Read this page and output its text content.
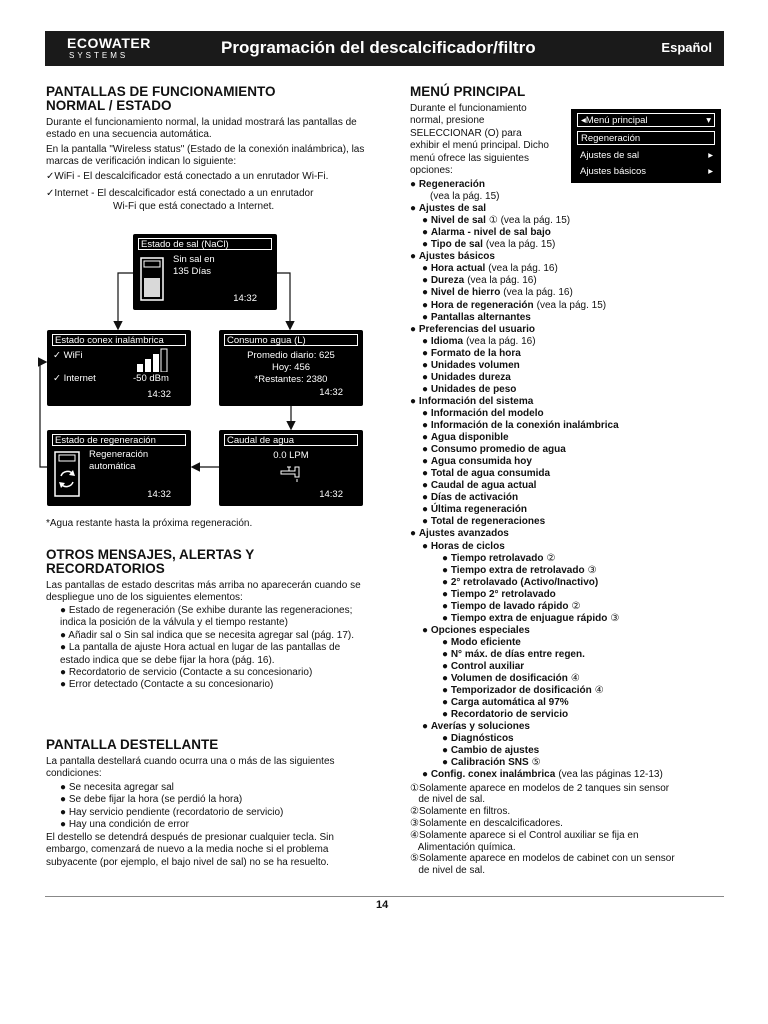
ECOWATER
SYSTEMS	Programación del descalcificador/filtro	Español
PANTALLAS DE FUNCIONAMIENTO
NORMAL / ESTADO
Durante el funcionamiento normal, la unidad mostrará las pantallas de estado en una secuencia automática.
En la pantalla "Wireless status" (Estado de la conexión inalámbrica), las marcas de verificación indican lo siguiente:
✓WiFi - El descalcificador está conectado a un enrutador Wi-Fi.
✓Internet - El descalcificador está conectado a un enrutador
Wi-Fi que está conectado a Internet.
Estado de sal (NaCl)
Sin sal en
135 Días
14:32
Estado conex inalámbrica
✓ WiFi
✓ Internet	-50 dBm
14:32
Consumo agua (L)
Promedio diario: 625
Hoy: 456
*Restantes: 2380
14:32
Estado de regeneración
Regeneración
automática
14:32
Caudal de agua
0.0 LPM
14:32
*Agua restante hasta la próxima regeneración.
OTROS MENSAJES, ALERTAS Y
RECORDATORIOS
Las pantallas de estado descritas más arriba no aparecerán cuando se despliegue uno de los siguientes elementos:

● Estado de regeneración (Se exhibe durante las regeneraciones; indica la posición de la válvula y el tiempo restante)

● Añadir sal o Sin sal indica que se necesita agregar sal (pág. 17).

● La pantalla de ajuste Hora actual en lugar de las pantallas de estado indica que se debe fijar la hora (pág. 16).

● Recordatorio de servicio (Contacte a su concesionario)

● Error detectado (Contacte a su concesionario)

PANTALLA DESTELLANTE
La pantalla destellará cuando ocurra una o más de las siguientes condiciones:

● Se necesita agregar sal

● Se debe fijar la hora (se perdió la hora)

● Hay servicio pendiente (recordatorio de servicio)

● Hay una condición de error

El destello se detendrá después de presionar cualquier tecla. Sin embargo, comenzará de nuevo a la media noche si el problema subyacente (por ejemplo, el bajo nivel de sal) no se ha resuelto.
MENÚ PRINCIPAL
Durante el funcionamiento normal, presione SELECCIONAR (O) para exhibir el menú principal. Dicho menú ofrece las siguientes opciones:
◂Menú principal	▾
Regeneración
Ajustes de sal	▸
Ajustes básicos	▸
● Regeneración
(vea la pág. 15)
● Ajustes de sal
● Nivel de sal ① (vea la pág. 15)
● Alarma - nivel de sal bajo
● Tipo de sal (vea la pág. 15)
● Ajustes básicos
● Hora actual (vea la pág. 16)
● Dureza (vea la pág. 16)
● Nivel de hierro (vea la pág. 16)
● Hora de regeneración (vea la pág. 15)
● Pantallas alternantes
● Preferencias del usuario
● Idioma (vea la pág. 16)
● Formato de la hora
● Unidades volumen
● Unidades dureza
● Unidades de peso
● Información del sistema
● Información del modelo
● Información de la conexión inalámbrica
● Agua disponible
● Consumo promedio de agua
● Agua consumida hoy
● Total de agua consumida
● Caudal de agua actual
● Días de activación
● Última regeneración
● Total de regeneraciones
● Ajustes avanzados
● Horas de ciclos
● Tiempo retrolavado ②
● Tiempo extra de retrolavado ③
● 2° retrolavado (Activo/Inactivo)
● Tiempo 2° retrolavado
● Tiempo de lavado rápido ②
● Tiempo extra de enjuague rápido ③
● Opciones especiales
● Modo eficiente
● N° máx. de días entre regen.
● Control auxiliar
● Volumen de dosificación ④
● Temporizador de dosificación ④
● Carga automática al 97%
● Recordatorio de servicio
● Averías y soluciones
● Diagnósticos
● Cambio de ajustes
● Calibración SNS ⑤
● Config. conex inalámbrica (vea las páginas 12-13)
①Solamente aparece en modelos de 2 tanques sin sensor
de nivel de sal.
②Solamente en filtros.
③Solamente en descalcificadores.
④Solamente aparece si el Control auxiliar se fija en
Alimentación química.
⑤Solamente aparece en modelos de cabinet con un sensor
de nivel de sal.
14
